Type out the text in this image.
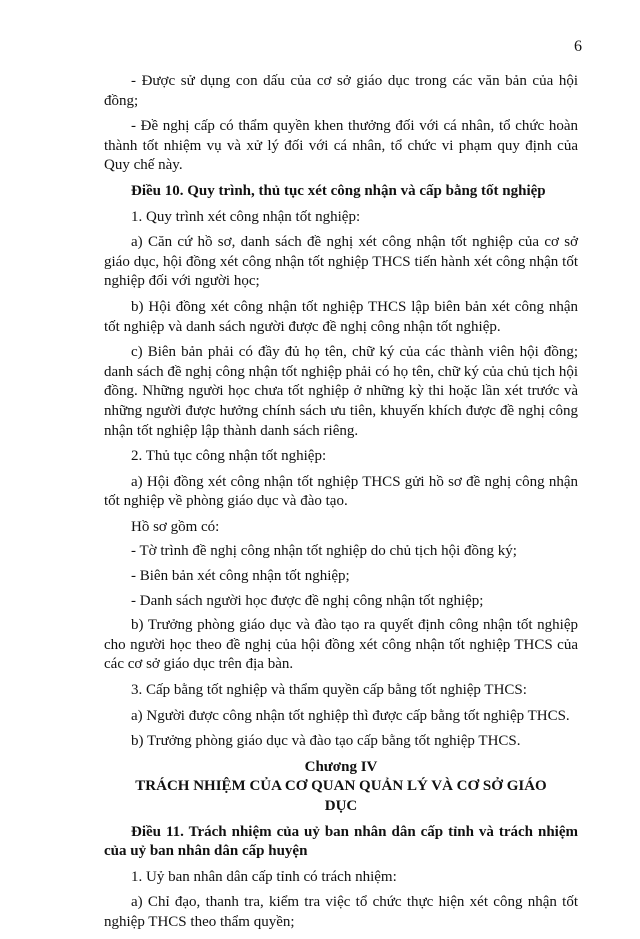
6

- Được sử dụng con dấu của cơ sở giáo dục trong các văn bản của hội đồng;

- Đề nghị cấp có thẩm quyền khen thưởng đối với cá nhân, tổ chức hoàn thành tốt nhiệm vụ và xử lý đối với cá nhân, tổ chức vi phạm quy định của Quy chế này.

Điều 10. Quy trình, thủ tục xét công nhận và cấp bằng tốt nghiệp

1. Quy trình xét công nhận tốt nghiệp:

a) Căn cứ hồ sơ, danh sách đề nghị xét công nhận tốt nghiệp của cơ sở giáo dục, hội đồng xét công nhận tốt nghiệp THCS tiến hành xét công nhận tốt nghiệp đối với người học;

b) Hội đồng xét công nhận tốt nghiệp THCS lập biên bản xét công nhận tốt nghiệp và danh sách người được đề nghị công nhận tốt nghiệp.

c) Biên bản phải có đầy đủ họ tên, chữ ký của các thành viên hội đồng; danh sách đề nghị công nhận tốt nghiệp phải có họ tên, chữ ký của chủ tịch hội đồng. Những người học chưa tốt nghiệp ở những kỳ thi hoặc lần xét trước và những người được hưởng chính sách ưu tiên, khuyến khích được đề nghị công nhận tốt nghiệp lập thành danh sách riêng.

2. Thủ tục công nhận tốt nghiệp:

a) Hội đồng xét công nhận tốt nghiệp THCS gửi hồ sơ đề nghị công nhận tốt nghiệp về phòng giáo dục và đào tạo.

Hồ sơ gồm có:

- Tờ trình đề nghị công nhận tốt nghiệp do chủ tịch hội đồng ký;

- Biên bản xét công nhận tốt nghiệp;

- Danh sách người học được đề nghị công nhận tốt nghiệp;

b) Trưởng phòng giáo dục và đào tạo ra quyết định công nhận tốt nghiệp cho người học theo đề nghị của hội đồng xét công nhận tốt nghiệp THCS của các cơ sở giáo dục trên địa bàn.

3. Cấp bằng tốt nghiệp và thẩm quyền cấp bằng tốt nghiệp THCS:

a) Người được công nhận tốt nghiệp thì được cấp bằng tốt nghiệp THCS.

b) Trưởng phòng giáo dục và đào tạo cấp bằng tốt nghiệp THCS.

Chương IV

TRÁCH NHIỆM CỦA CƠ QUAN QUẢN LÝ VÀ CƠ SỞ GIÁO DỤC

Điều 11. Trách nhiệm của uỷ ban nhân dân cấp tỉnh và trách nhiệm của uỷ ban nhân dân cấp huyện

1. Uỷ ban nhân dân cấp tỉnh có trách nhiệm:

a) Chỉ đạo, thanh tra, kiểm tra việc tổ chức thực hiện xét công nhận tốt nghiệp THCS theo thẩm quyền;
